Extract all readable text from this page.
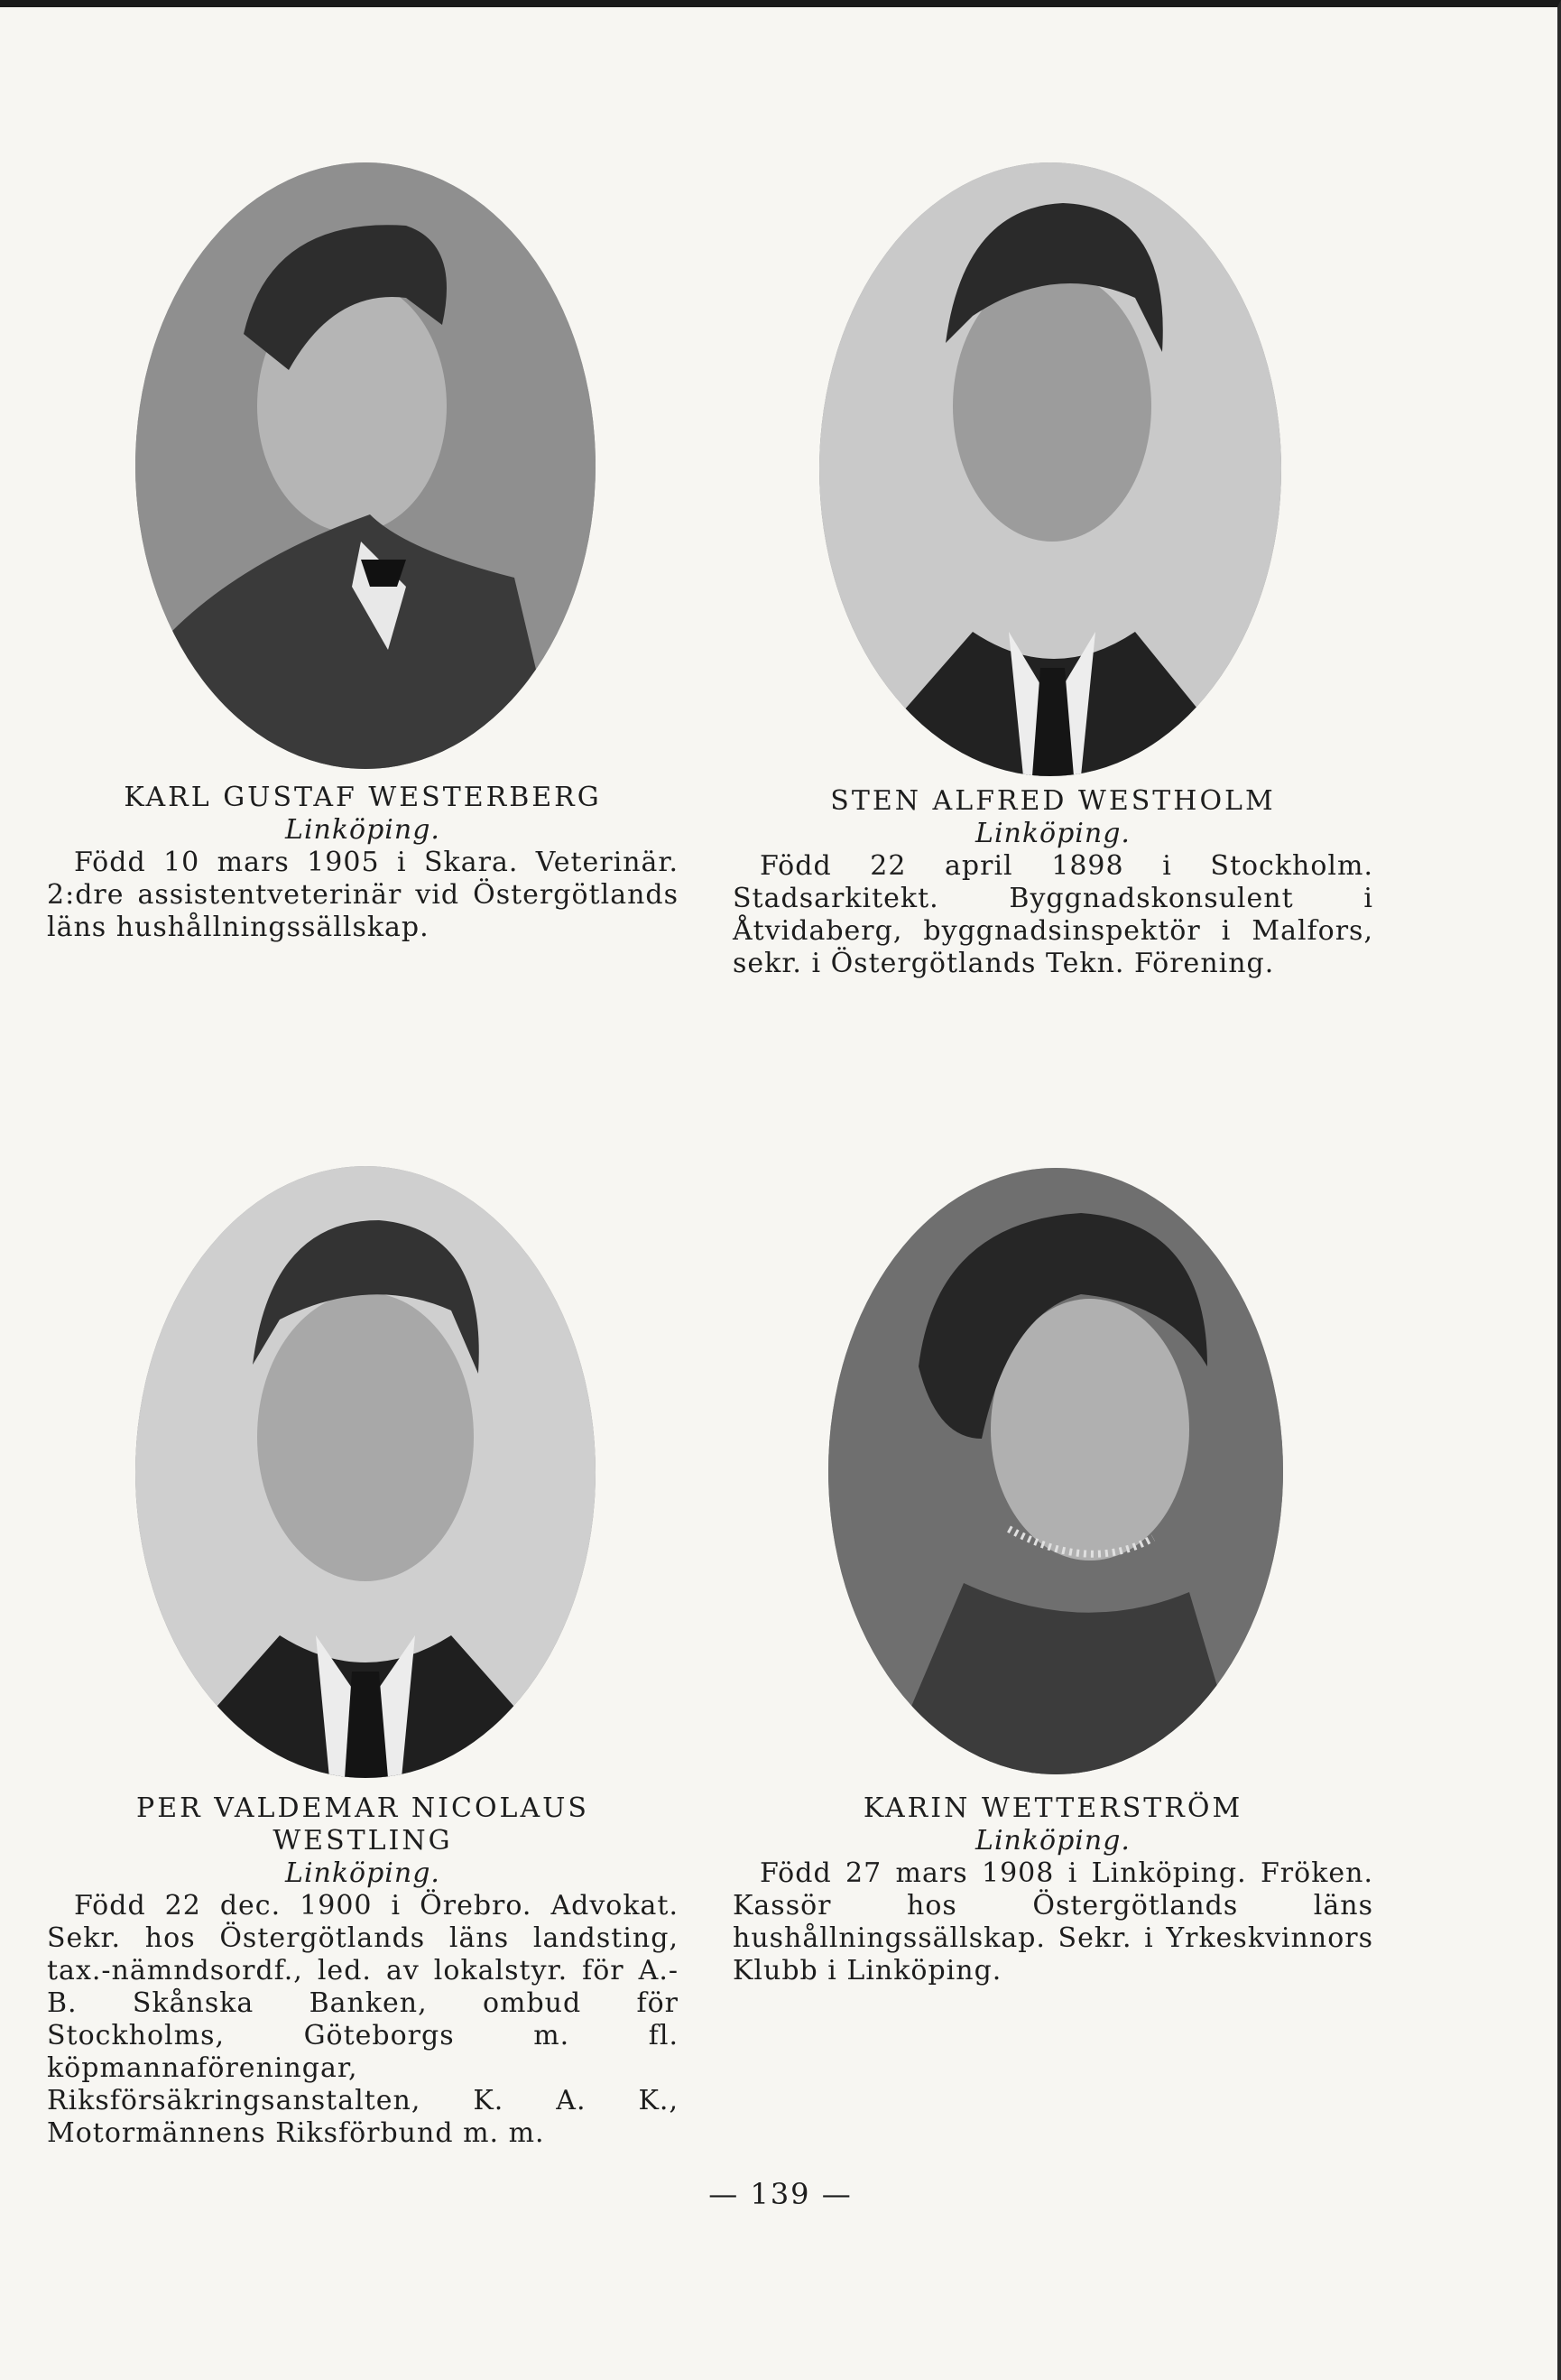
KARL GUSTAF WESTERBERG
Linköping.

Född 10 mars 1905 i Skara. Veterinär. 2:dre assistentveterinär vid Östergötlands läns hushållningssällskap.

STEN ALFRED WESTHOLM
Linköping.

Född 22 april 1898 i Stockholm. Stadsarkitekt. Byggnadskonsulent i Åtvidaberg, byggnadsinspektör i Malfors, sekr. i Östergötlands Tekn. Förening.

PER VALDEMAR NICOLAUS WESTLING
Linköping.

Född 22 dec. 1900 i Örebro. Advokat. Sekr. hos Östergötlands läns landsting, tax.-nämndsordf., led. av lokalstyr. för A.-B. Skånska Banken, ombud för Stockholms, Göteborgs m. fl. köpmannaföreningar, Riksförsäkringsanstalten, K. A. K., Motormännens Riksförbund m. m.

KARIN WETTERSTRÖM
Linköping.

Född 27 mars 1908 i Linköping. Fröken. Kassör hos Östergötlands läns hushållningssällskap. Sekr. i Yrkeskvinnors Klubb i Linköping.

— 139 —
